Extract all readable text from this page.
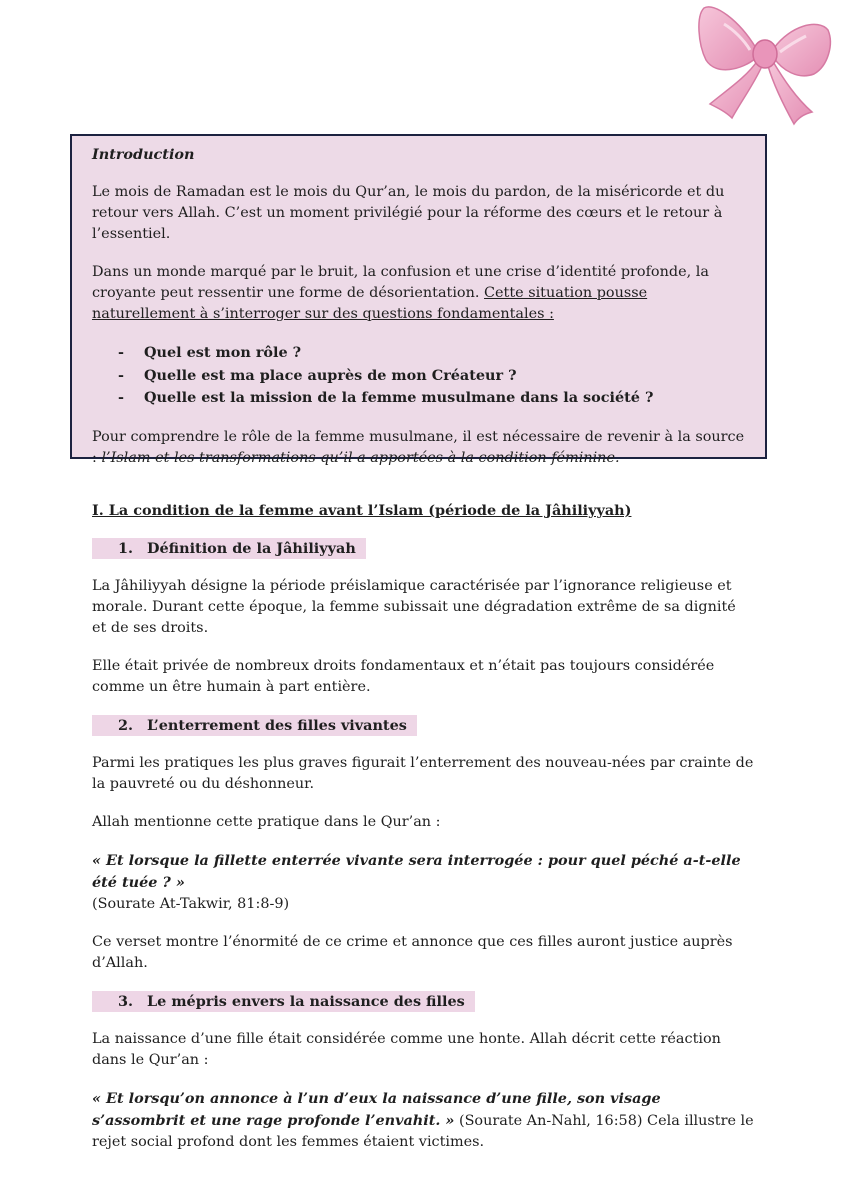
Introduction

Le mois de Ramadan est le mois du Qur’an, le mois du pardon, de la miséricorde et du retour vers Allah. C’est un moment privilégié pour la réforme des cœurs et le retour à l’essentiel.

Dans un monde marqué par le bruit, la confusion et une crise d’identité profonde, la croyante peut ressentir une forme de désorientation. Cette situation pousse naturellement à s’interroger sur des questions fondamentales :

- Quel est mon rôle ?
- Quelle est ma place auprès de mon Créateur ?
- Quelle est la mission de la femme musulmane dans la société ?

Pour comprendre le rôle de la femme musulmane, il est nécessaire de revenir à la source : l’Islam et les transformations qu’il a apportées à la condition féminine.

I. La condition de la femme avant l’Islam (période de la Jâhiliyyah)

1. Définition de la Jâhiliyyah

La Jâhiliyyah désigne la période préislamique caractérisée par l’ignorance religieuse et morale. Durant cette époque, la femme subissait une dégradation extrême de sa dignité et de ses droits.

Elle était privée de nombreux droits fondamentaux et n’était pas toujours considérée comme un être humain à part entière.

2. L’enterrement des filles vivantes

Parmi les pratiques les plus graves figurait l’enterrement des nouveau-nées par crainte de la pauvreté ou du déshonneur.

Allah mentionne cette pratique dans le Qur’an :

« Et lorsque la fillette enterrée vivante sera interrogée : pour quel péché a-t-elle été tuée ? »
(Sourate At-Takwir, 81:8-9)

Ce verset montre l’énormité de ce crime et annonce que ces filles auront justice auprès d’Allah.

3. Le mépris envers la naissance des filles

La naissance d’une fille était considérée comme une honte. Allah décrit cette réaction dans le Qur’an :

« Et lorsqu’on annonce à l’un d’eux la naissance d’une fille, son visage s’assombrit et une rage profonde l’envahit. » (Sourate An-Nahl, 16:58) Cela illustre le rejet social profond dont les femmes étaient victimes.
